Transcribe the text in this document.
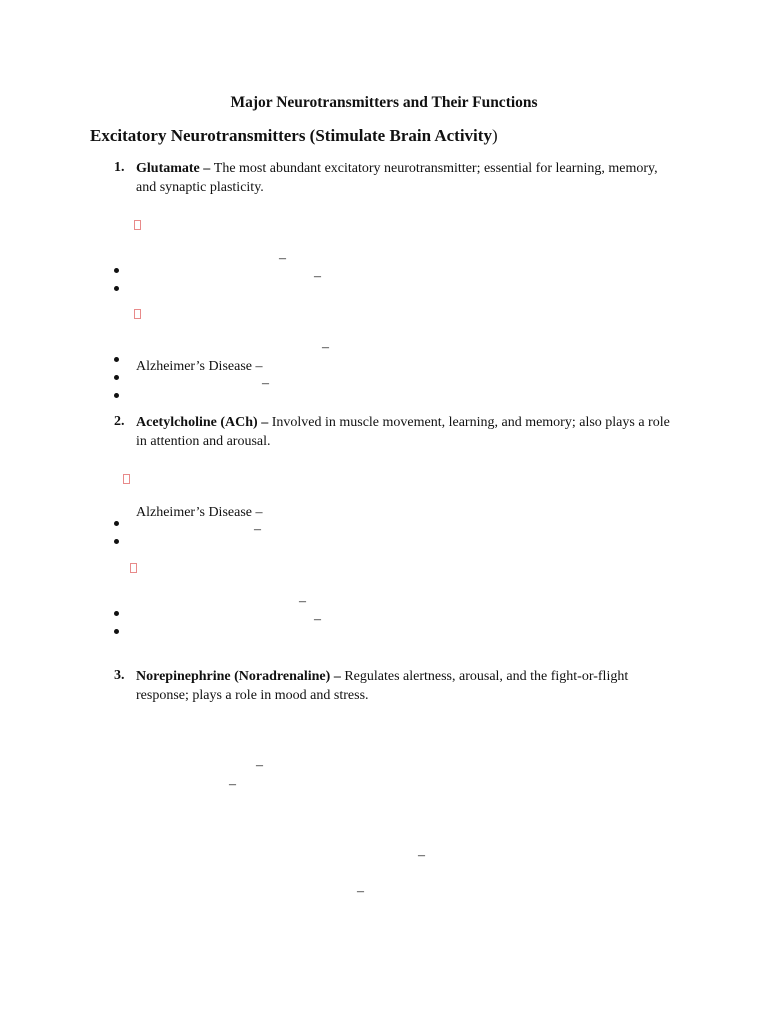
Major Neurotransmitters and Their Functions
Excitatory Neurotransmitters (Stimulate Brain Activity)
1. Glutamate – The most abundant excitatory neurotransmitter; essential for learning, memory, and synaptic plasticity.
–
–
–
Alzheimer’s Disease –
–
2. Acetylcholine (ACh) – Involved in muscle movement, learning, and memory; also plays a role in attention and arousal.
Alzheimer’s Disease –
–
–
–
3. Norepinephrine (Noradrenaline) – Regulates alertness, arousal, and the fight-or-flight response; plays a role in mood and stress.
–
–
–
–
